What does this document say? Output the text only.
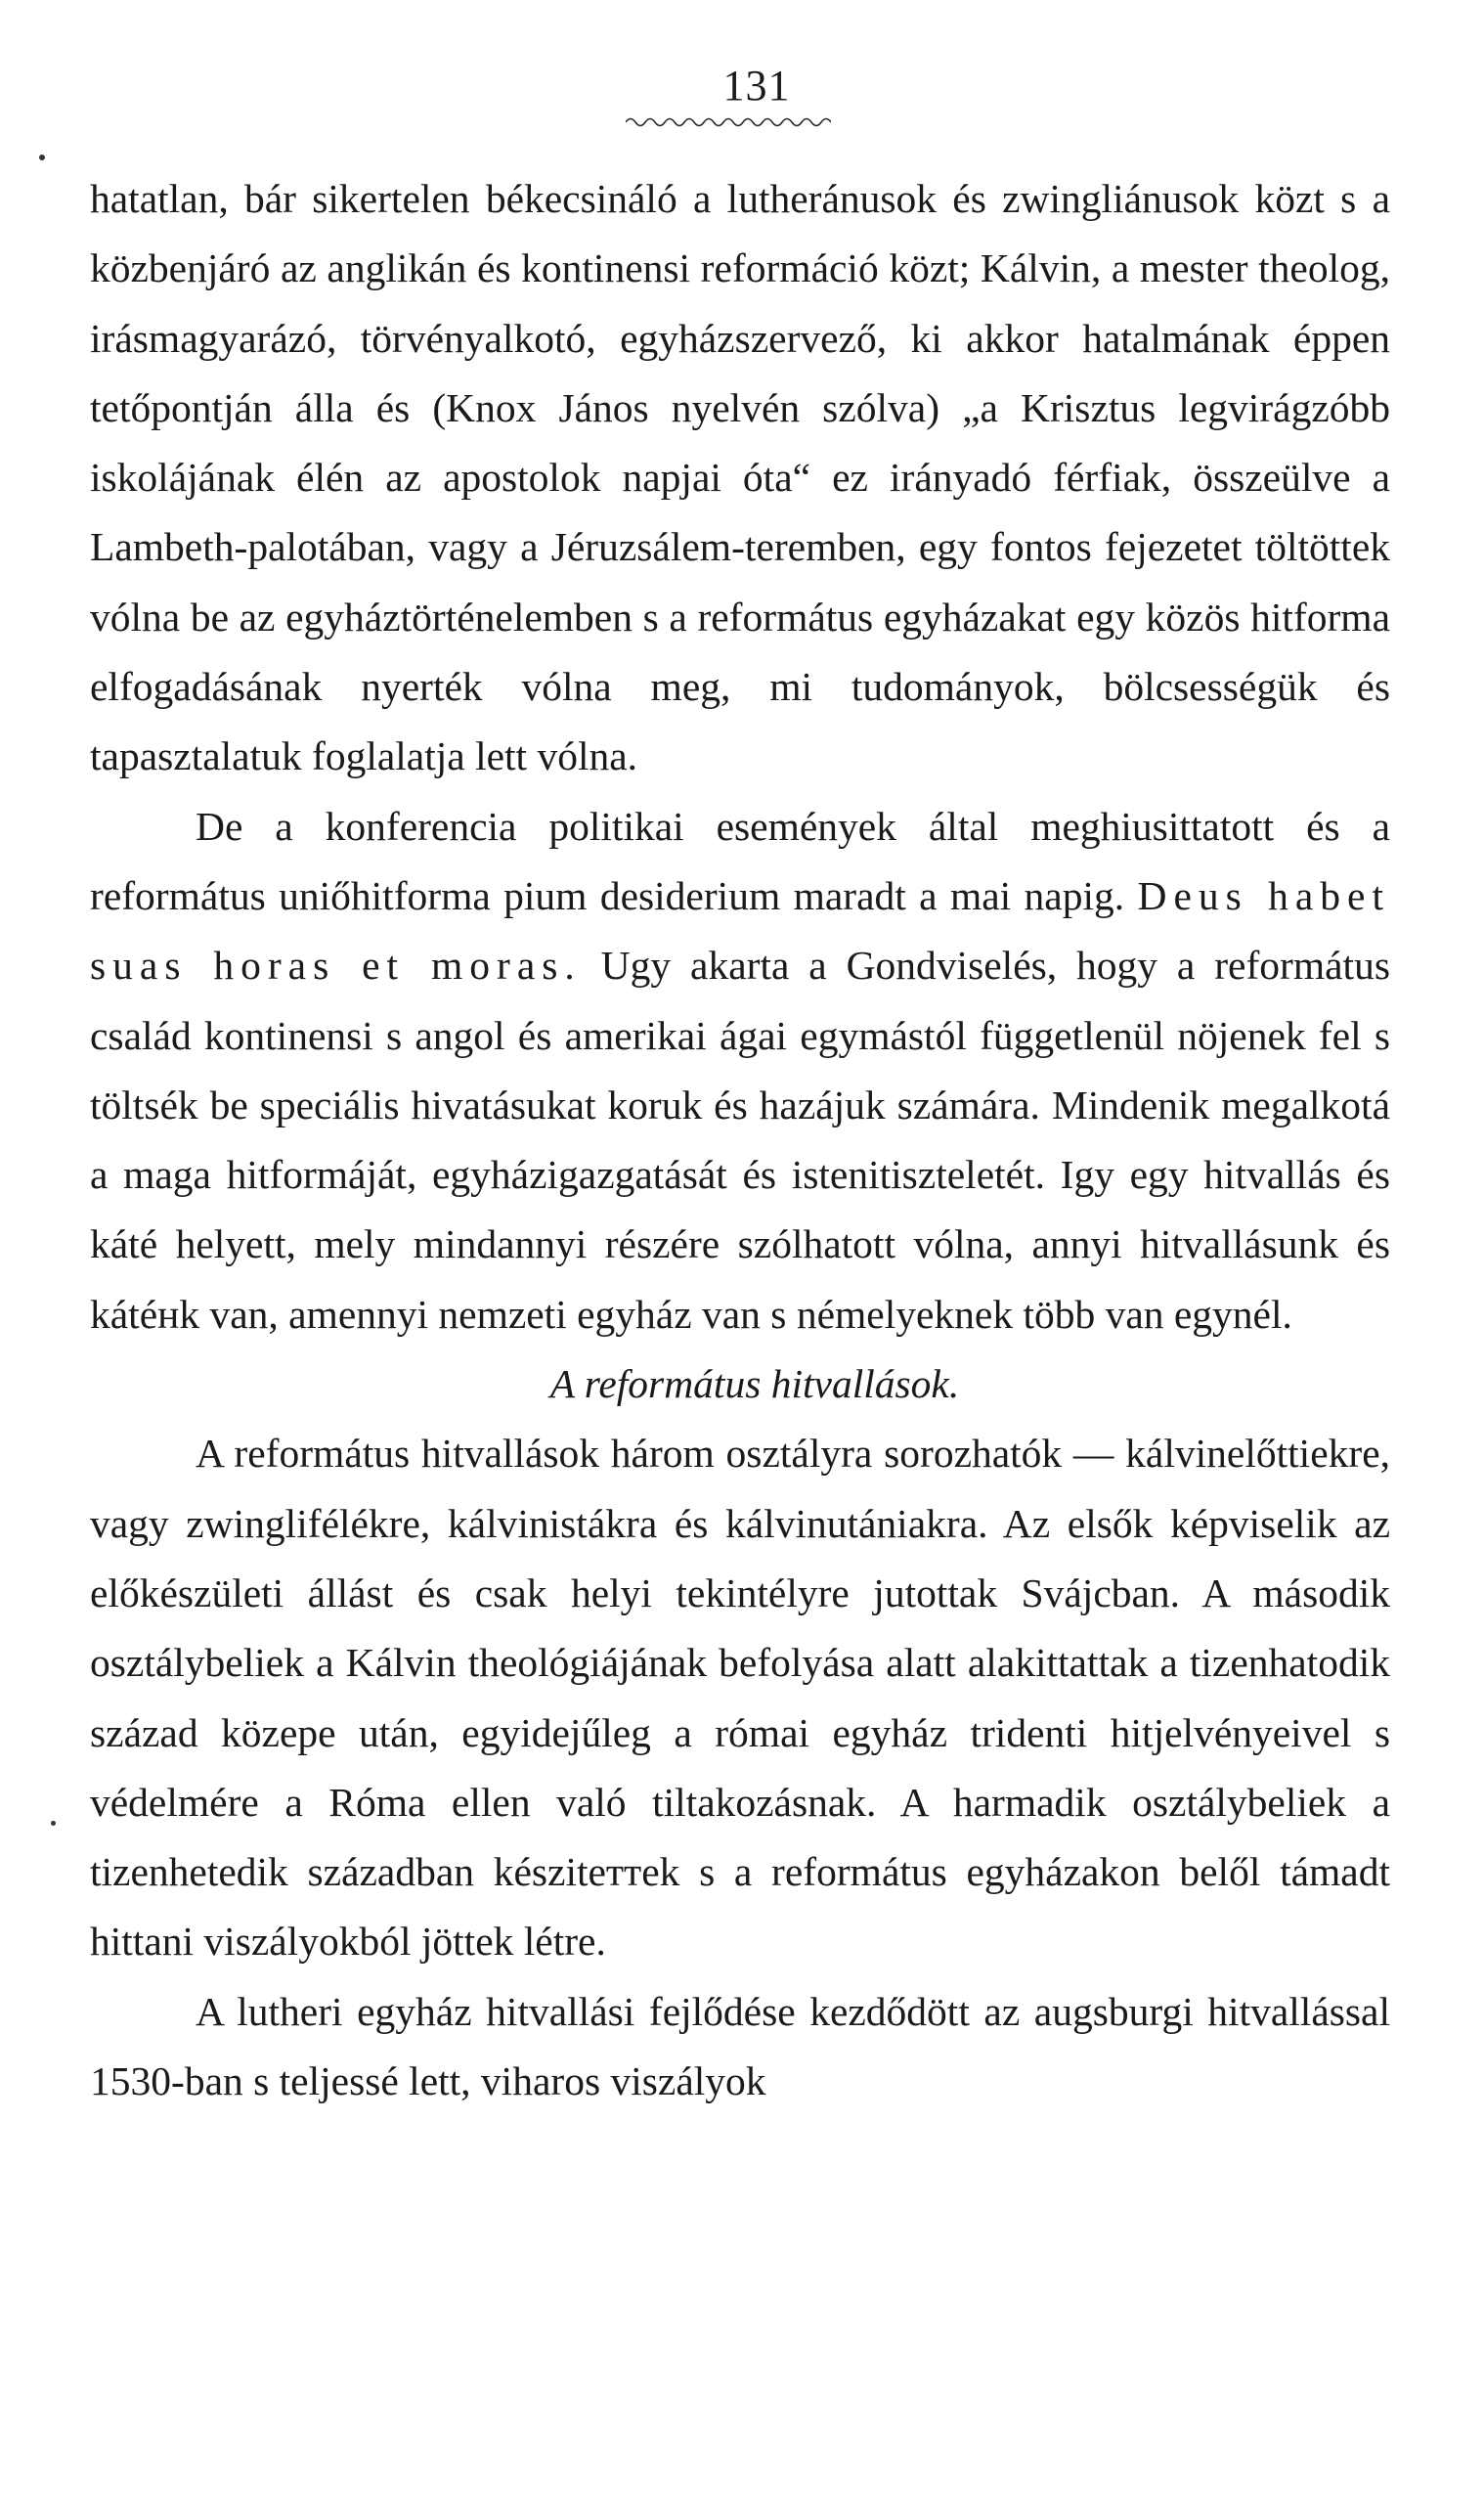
131

hatatlan, bár sikertelen békecsináló a lutheránusok és zwingliánusok közt s a közbenjáró az anglikán és kontinensi reformáció közt; Kálvin, a mester theolog, irásmagyarázó, törvényalkotó, egyházszervező, ki akkor hatalmának éppen tetőpontján álla és (Knox János nyelvén szólva) „a Krisztus legvirágzóbb iskolájának élén az apostolok napjai óta“ ez irányadó férfiak, összeülve a Lambeth-palotában, vagy a Jéruzsálem-teremben, egy fontos fejezetet töltöttek vólna be az egyháztörténelemben s a református egyházakat egy közös hitforma elfogadásának nyerték vólna meg, mi tudományok, bölcsességük és tapasztalatuk foglalatja lett vólna.

De a konferencia politikai események által meghiusittatott és a református uniőhitforma pium desiderium maradt a mai napig. Deus habet suas horas et moras. Ugy akarta a Gondviselés, hogy a református család kontinensi s angol és amerikai ágai egymástól függetlenül nöjenek fel s töltsék be speciális hivatásukat koruk és hazájuk számára. Mindenik megalkotá a maga hitformáját, egyházigazgatását és istenitiszteletét. Igy egy hitvallás és káté helyett, mely mindannyi részére szólhatott vólna, annyi hitvallásunk és kátéнk van, amennyi nemzeti egyház van s némelyeknek több van egynél.

A református hitvallások.

A református hitvallások három osztályra sorozhatók — kálvinelőttiekre, vagy zwinglifélékre, kálvinistákra és kálvinutániakra. Az elsők képviselik az előkészületi állást és csak helyi tekintélyre jutottak Svájcban. A második osztálybeliek a Kálvin theológiájának befolyása alatt alakittattak a tizenhatodik század közepe után, egyidejűleg a római egyház tridenti hitjelvényeivel s védelmére a Róma ellen való tiltakozásnak. A harmadik osztálybeliek a tizenhetedik században késziteттek s a református egyházakon belől támadt hittani viszályokból jöttek létre.

A lutheri egyház hitvallási fejlődése kezdődött az augsburgi hitvallással 1530-ban s teljessé lett, viharos viszályok
